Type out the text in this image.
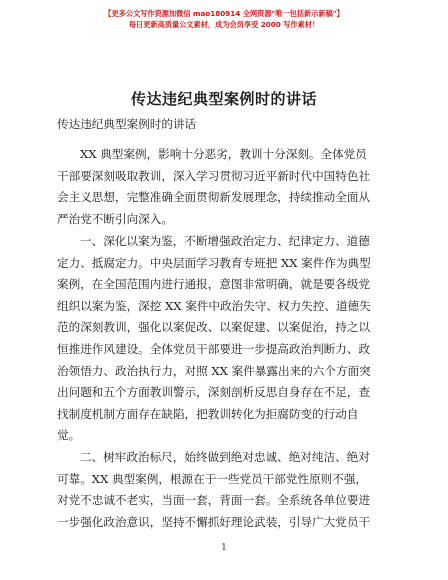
【更多公文写作资源加微信 mao180914 全网资源"唯一包括新示新稿"】
每日更新高质量公文素材，成为会员享受 2000 写作素材！
传达违纪典型案例时的讲话
传达违纪典型案例时的讲话
XX 典型案例，影响十分恶劣，教训十分深刻。全体党员
干部要深刻吸取教训，深入学习贯彻习近平新时代中国特色社
会主义思想，完整准确全面贯彻新发展理念，持续推动全面从
严治党不断引向深入。
一、深化以案为鉴，不断增强政治定力、纪律定力、道德
定力、抵腐定力。中央层面学习教育专班把 XX 案件作为典型
案例，在全国范围内进行通报，意图非常明确，就是要各级党
组织以案为鉴，深挖 XX 案件中政治失守、权力失控、道德失
范的深刻教训，强化以案促改、以案促建、以案促治，持之以
恒推进作风建设。全体党员干部要进一步提高政治判断力、政
治领悟力、政治执行力，对照 XX 案件暴露出来的六个方面突
出问题和五个方面教训警示，深刻剖析反思自身存在不足，查
找制度机制方面存在缺陷，把教训转化为拒腐防变的行动自
觉。
二、树牢政治标尺，始终做到绝对忠诚、绝对纯洁、绝对
可靠。XX 典型案例，根源在于一些党员干部党性原则不强，
对党不忠诚不老实，当面一套，背面一套。全系统各单位要进
一步强化政治意识，坚持不懈抓好理论武装，引导广大党员干
1
